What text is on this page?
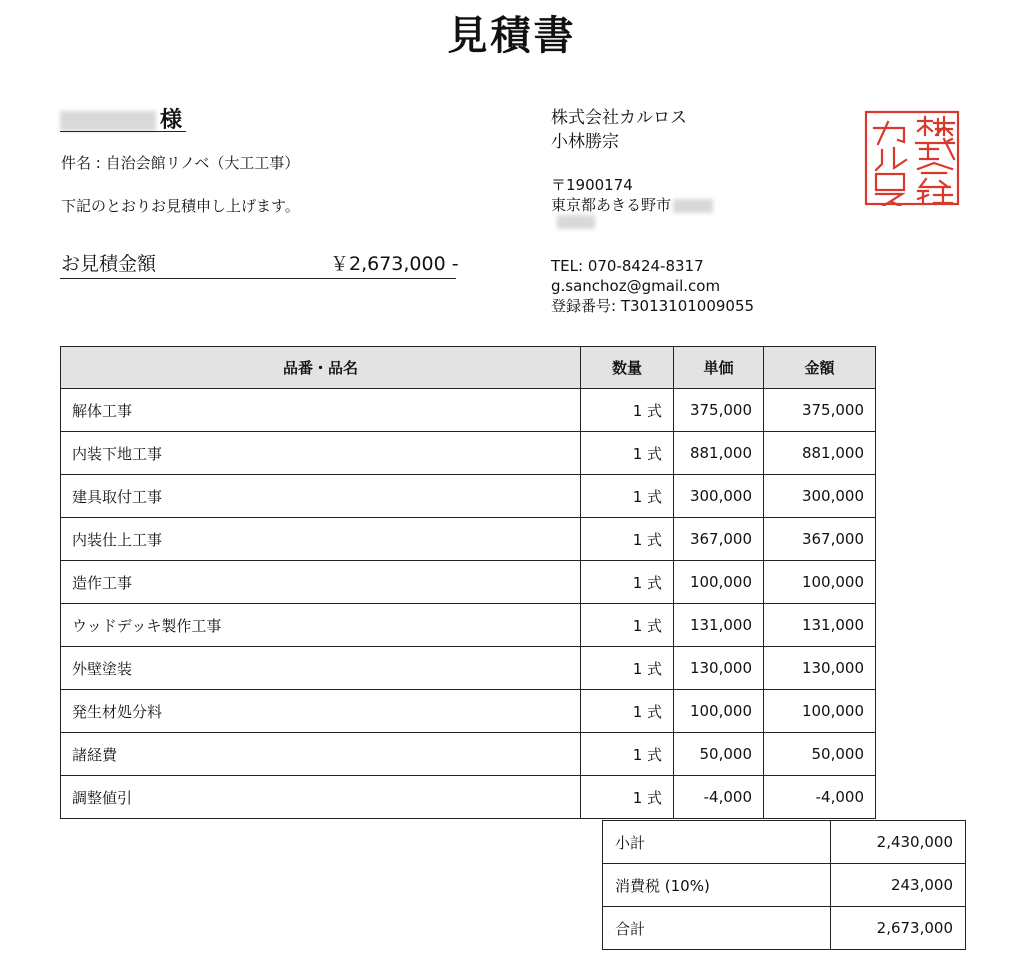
見積書
様
件名 : 自治会館リノベ（大工工事）
下記のとおりお見積申し上げます。
お見積金額	￥2,673,000 -
株式会社カルロス
小林勝宗
〒1900174
東京都あきる野市
TEL: 070-8424-8317
g.sanchoz@gmail.com
登録番号: T3013101009055
品番・品名	数量	単価	金額
解体工事	1 式	375,000	375,000
内装下地工事	1 式	881,000	881,000
建具取付工事	1 式	300,000	300,000
内装仕上工事	1 式	367,000	367,000
造作工事	1 式	100,000	100,000
ウッドデッキ製作工事	1 式	131,000	131,000
外壁塗装	1 式	130,000	130,000
発生材処分料	1 式	100,000	100,000
諸経費	1 式	50,000	50,000
調整値引	1 式	-4,000	-4,000
小計	2,430,000
消費税 (10%)	243,000
合計	2,673,000
